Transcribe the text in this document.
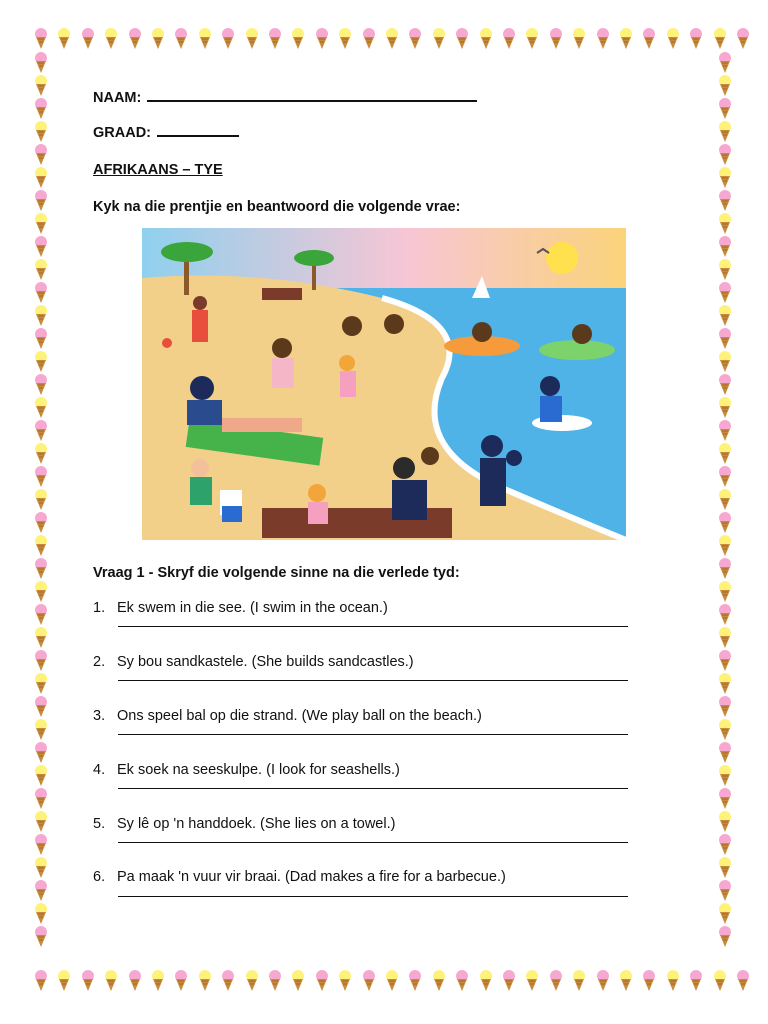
NAAM:
GRAAD:
AFRIKAANS – TYE
Kyk na die prentjie en beantwoord die volgende vrae:
Vraag 1 - Skryf die volgende sinne na die verlede tyd:
1. Ek swem in die see. (I swim in the ocean.)
2. Sy bou sandkastele. (She builds sandcastles.)
3. Ons speel bal op die strand. (We play ball on the beach.)
4. Ek soek na seeskulpe. (I look for seashells.)
5. Sy lê op 'n handdoek. (She lies on a towel.)
6. Pa maak 'n vuur vir braai. (Dad makes a fire for a barbecue.)
